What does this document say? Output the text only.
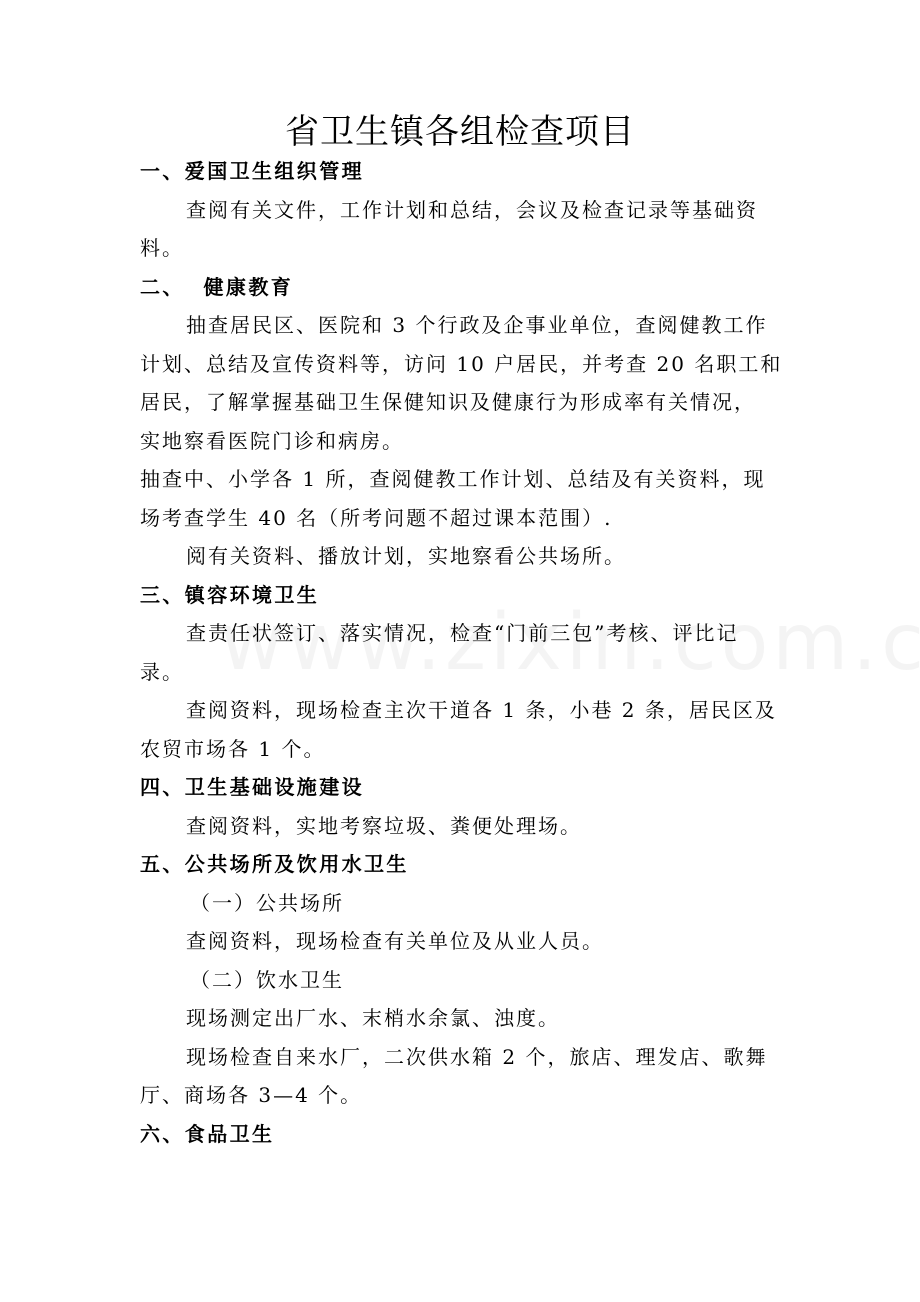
省卫生镇各组检查项目
一、爱国卫生组织管理
查阅有关文件，工作计划和总结，会议及检查记录等基础资
料。
二、  健康教育
抽查居民区、医院和 3 个行政及企事业单位，查阅健教工作
计划、总结及宣传资料等，访问 10 户居民，并考查 20 名职工和
居民，了解掌握基础卫生保健知识及健康行为形成率有关情况，
实地察看医院门诊和病房。
抽查中、小学各 1 所，查阅健教工作计划、总结及有关资料，现
场考查学生 40 名（所考问题不超过课本范围）.
阅有关资料、播放计划，实地察看公共场所。
三、镇容环境卫生
查责任状签订、落实情况，检查“门前三包”考核、评比记
录。
查阅资料，现场检查主次干道各 1 条，小巷 2 条，居民区及
农贸市场各 1 个。
四、卫生基础设施建设
查阅资料，实地考察垃圾、粪便处理场。
五、公共场所及饮用水卫生
（一）公共场所
查阅资料，现场检查有关单位及从业人员。
（二）饮水卫生
现场测定出厂水、末梢水余氯、浊度。
现场检查自来水厂，二次供水箱 2 个，旅店、理发店、歌舞
厅、商场各 3—4 个。
六、食品卫生
